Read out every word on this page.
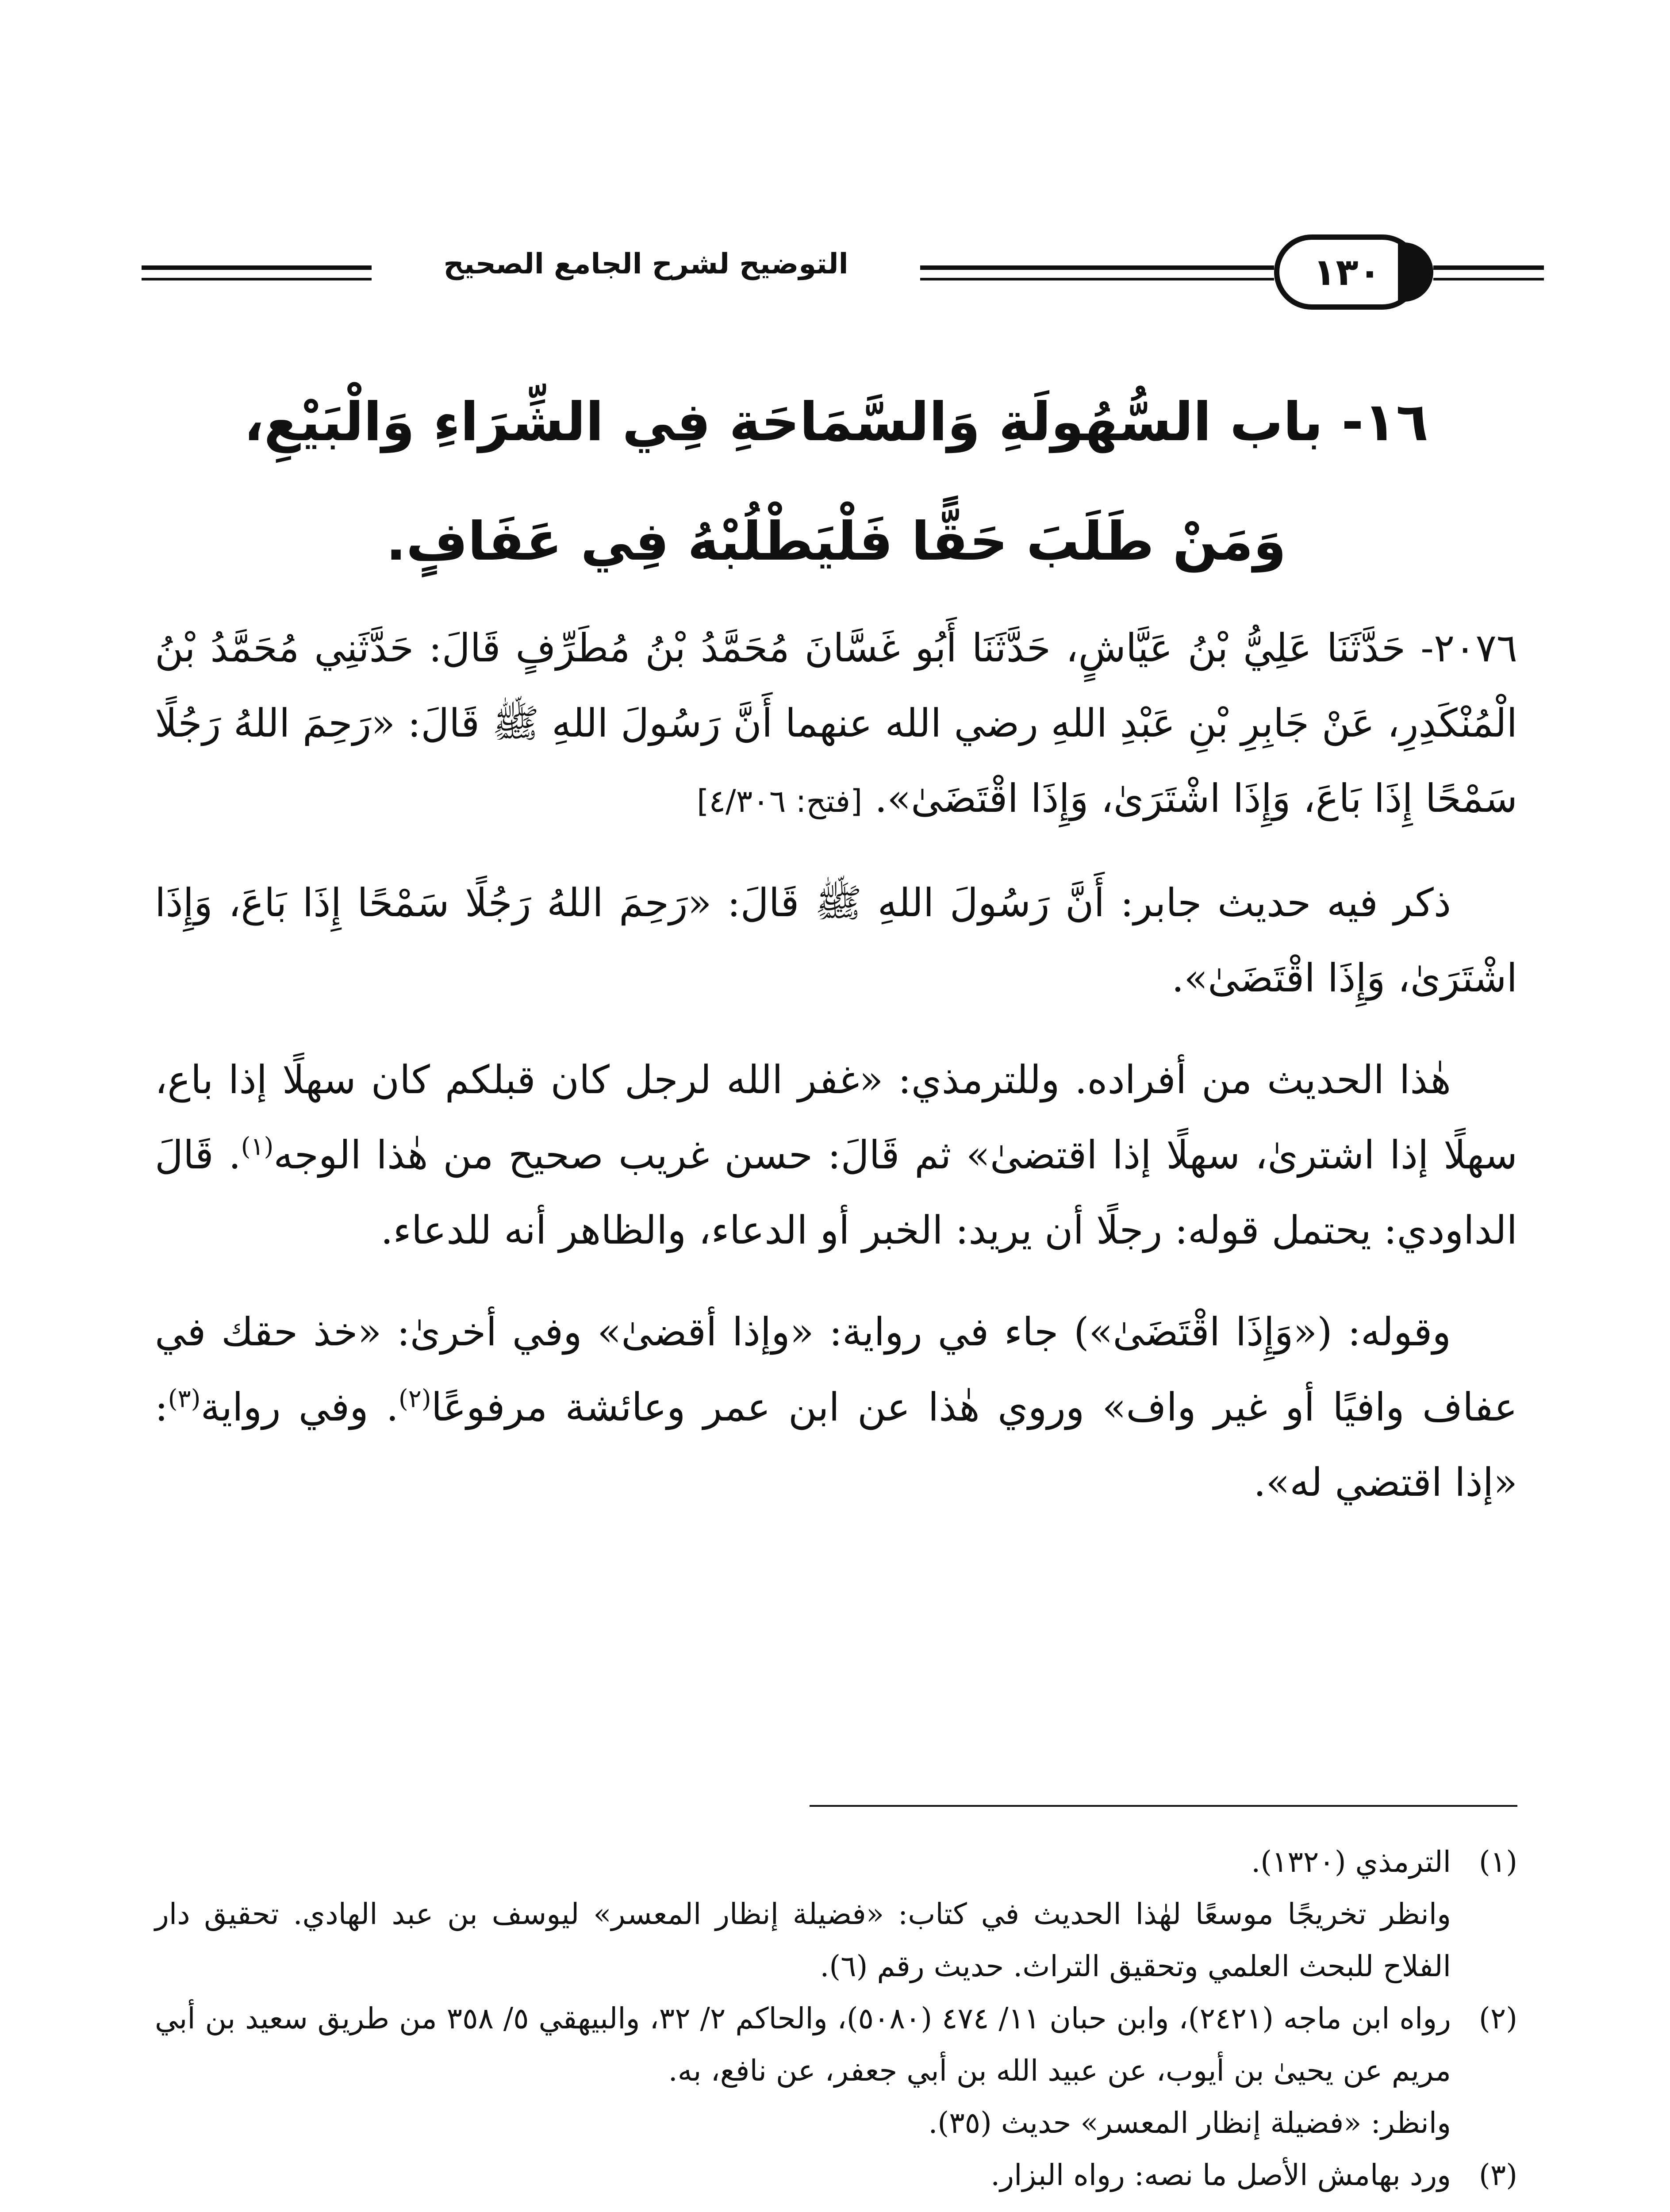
التوضيح لشرح الجامع الصحيح	١٣٠
١٦- باب السُّهُولَةِ وَالسَّمَاحَةِ فِي الشِّرَاءِ وَالْبَيْعِ،
وَمَنْ طَلَبَ حَقًّا فَلْيَطْلُبْهُ فِي عَفَافٍ.

٢٠٧٦- حَدَّثَنَا عَلِيُّ بْنُ عَيَّاشٍ، حَدَّثَنَا أَبُو غَسَّانَ مُحَمَّدُ بْنُ مُطَرِّفٍ قَالَ: حَدَّثَنِي مُحَمَّدُ بْنُ الْمُنْكَدِرِ، عَنْ جَابِرِ بْنِ عَبْدِ اللهِ رضي الله عنهما أَنَّ رَسُولَ اللهِ ﷺ قَالَ: «رَحِمَ اللهُ رَجُلًا سَمْحًا إِذَا بَاعَ، وَإِذَا اشْتَرَىٰ، وَإِذَا اقْتَضَىٰ». [فتح: ٤/٣٠٦]

ذكر فيه حديث جابر: أَنَّ رَسُولَ اللهِ ﷺ قَالَ: «رَحِمَ اللهُ رَجُلًا سَمْحًا إِذَا بَاعَ، وَإِذَا اشْتَرَىٰ، وَإِذَا اقْتَضَىٰ».

هٰذا الحديث من أفراده. وللترمذي: «غفر الله لرجل كان قبلكم كان سهلًا إذا باع، سهلًا إذا اشترىٰ، سهلًا إذا اقتضىٰ» ثم قَالَ: حسن غريب صحيح من هٰذا الوجه$^{(١)}$. قَالَ الداودي: يحتمل قوله: رجلًا أن يريد: الخبر أو الدعاء، والظاهر أنه للدعاء.

وقوله: («وَإِذَا اقْتَضَىٰ») جاء في رواية: «وإذا أقضىٰ» وفي أخرىٰ: «خذ حقك في عفاف وافيًا أو غير واف» وروي هٰذا عن ابن عمر وعائشة مرفوعًا$^{(٢)}$. وفي رواية$^{(٣)}$: «إذا اقتضي له».

(١)
الترمذي (١٣٢٠).
وانظر تخريجًا موسعًا لهٰذا الحديث في كتاب: «فضيلة إنظار المعسر» ليوسف بن عبد الهادي. تحقيق دار الفلاح للبحث العلمي وتحقيق التراث. حديث رقم (٦).
(٢)
رواه ابن ماجه (٢٤٢١)، وابن حبان ١١/ ٤٧٤ (٥٠٨٠)، والحاكم ٢/ ٣٢، والبيهقي ٥/ ٣٥٨ من طريق سعيد بن أبي مريم عن يحيىٰ بن أيوب، عن عبيد الله بن أبي جعفر، عن نافع، به.
وانظر: «فضيلة إنظار المعسر» حديث (٣٥).
(٣)
ورد بهامش الأصل ما نصه: رواه البزار.
